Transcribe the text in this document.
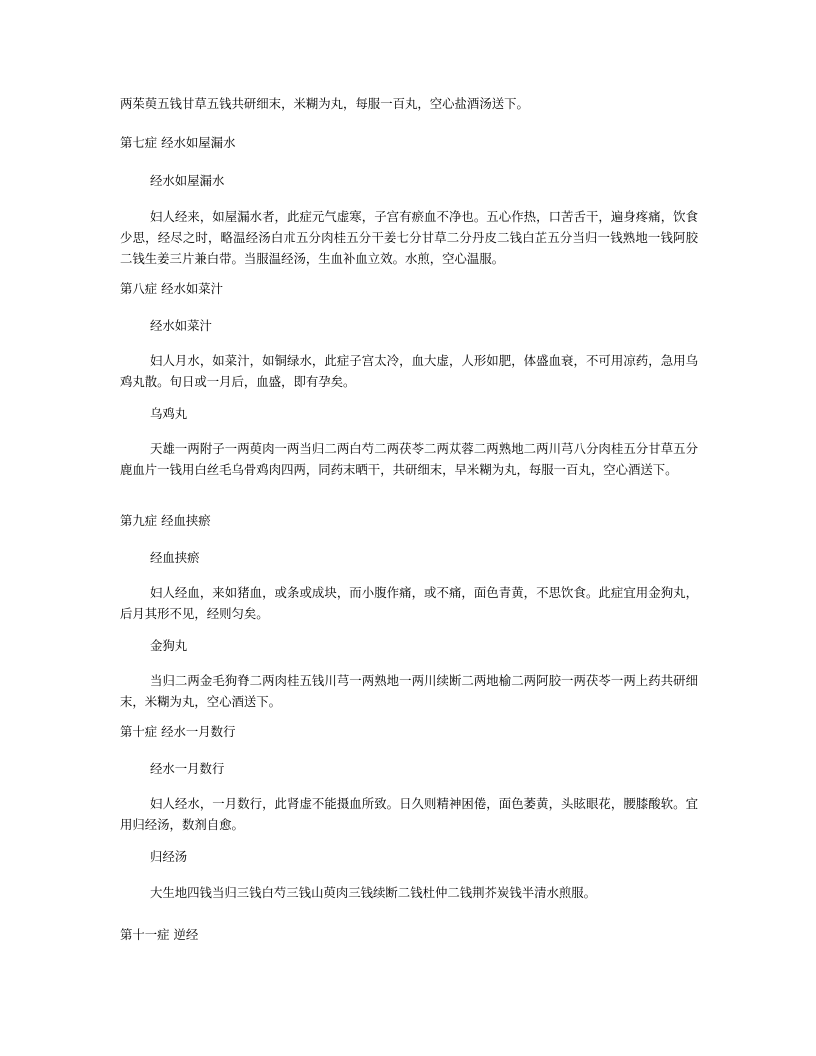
两茱萸五钱甘草五钱共研细末，米糊为丸，每服一百丸，空心盐酒汤送下。

第七症 经水如屋漏水

经水如屋漏水

妇人经来，如屋漏水者，此症元气虚寒，子宫有瘀血不净也。五心作热，口苦舌干，遍身疼痛，饮食少思，经尽之时，略温经汤白朮五分肉桂五分干姜七分甘草二分丹皮二钱白芷五分当归一钱熟地一钱阿胶二钱生姜三片兼白带。当服温经汤，生血补血立效。水煎，空心温服。

第八症 经水如菜汁

经水如菜汁

妇人月水，如菜汁，如铜绿水，此症子宫太冷，血大虚，人形如肥，体盛血衰，不可用凉药，急用乌鸡丸散。旬日或一月后，血盛，即有孕矣。

乌鸡丸

天雄一两附子一两萸肉一两当归二两白芍二两茯苓二两苁蓉二两熟地二两川芎八分肉桂五分甘草五分鹿血片一钱用白丝毛乌骨鸡肉四两，同药末晒干，共研细末，早米糊为丸，每服一百丸，空心酒送下。

第九症 经血挟瘀

经血挟瘀

妇人经血，来如猪血，或条或成块，而小腹作痛，或不痛，面色青黄，不思饮食。此症宜用金狗丸，后月其形不见，经则匀矣。

金狗丸

当归二两金毛狗脊二两肉桂五钱川芎一两熟地一两川续断二两地榆二两阿胶一两茯苓一两上药共研细末，米糊为丸，空心酒送下。

第十症 经水一月数行

经水一月数行

妇人经水，一月数行，此肾虚不能摄血所致。日久则精神困倦，面色萎黄，头眩眼花，腰膝酸软。宜用归经汤，数剂自愈。

归经汤

大生地四钱当归三钱白芍三钱山萸肉三钱续断二钱杜仲二钱荆芥炭钱半清水煎服。

第十一症 逆经
